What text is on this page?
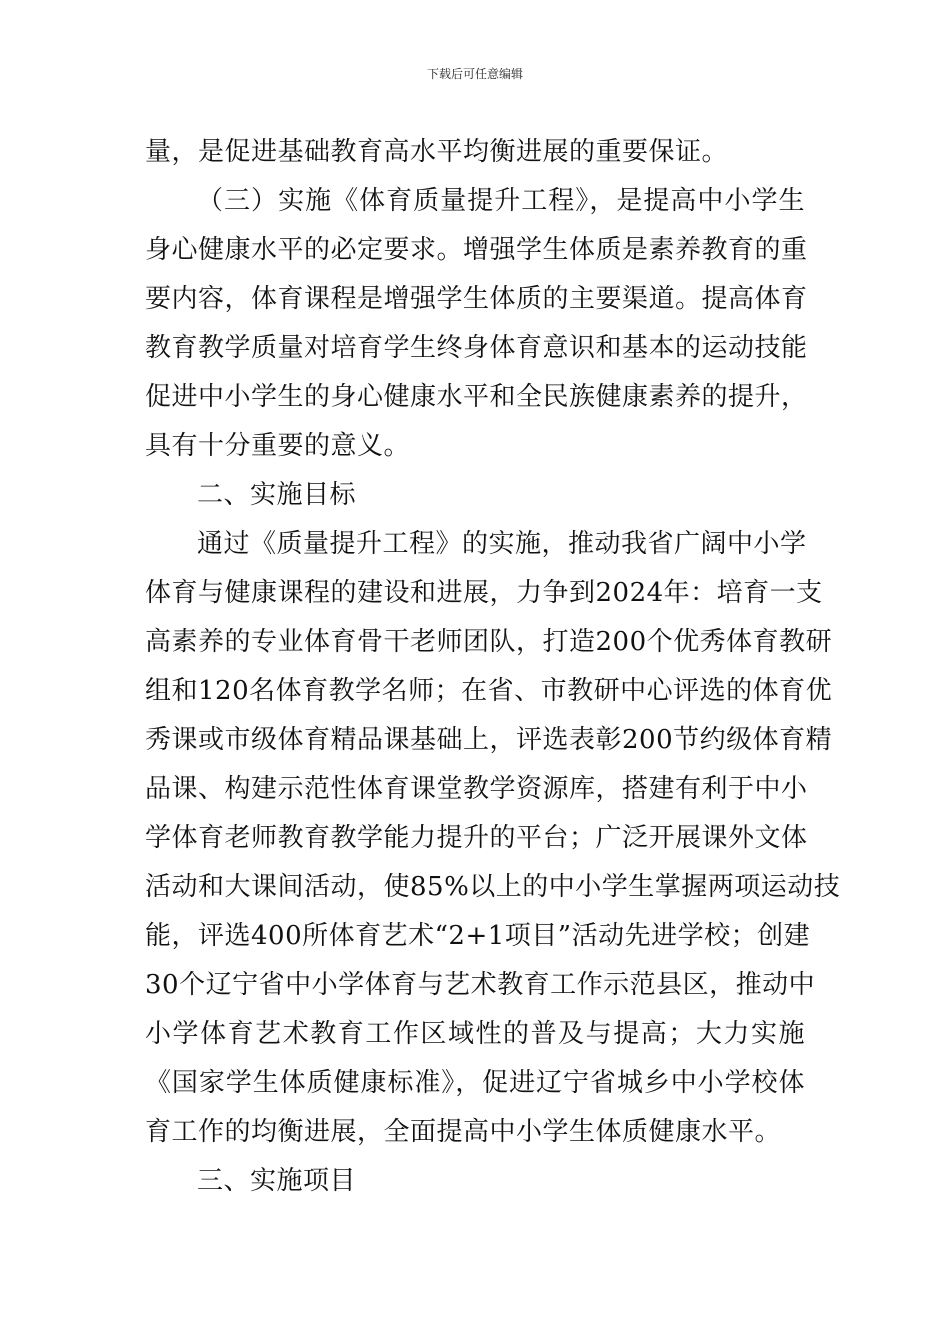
下载后可任意编辑
量，是促进基础教育高水平均衡进展的重要保证。
（三）实施《体育质量提升工程》，是提高中小学生
身心健康水平的必定要求。增强学生体质是素养教育的重
要内容，体育课程是增强学生体质的主要渠道。提高体育
教育教学质量对培育学生终身体育意识和基本的运动技能
促进中小学生的身心健康水平和全民族健康素养的提升，
具有十分重要的意义。
二、实施目标
通过《质量提升工程》的实施，推动我省广阔中小学
体育与健康课程的建设和进展，力争到2024年：培育一支
高素养的专业体育骨干老师团队，打造200个优秀体育教研
组和120名体育教学名师；在省、市教研中心评选的体育优
秀课或市级体育精品课基础上，评选表彰200节约级体育精
品课、构建示范性体育课堂教学资源库，搭建有利于中小
学体育老师教育教学能力提升的平台；广泛开展课外文体
活动和大课间活动，使85%以上的中小学生掌握两项运动技
能，评选400所体育艺术“2+1项目”活动先进学校；创建
30个辽宁省中小学体育与艺术教育工作示范县区，推动中
小学体育艺术教育工作区域性的普及与提高；大力实施
《国家学生体质健康标准》，促进辽宁省城乡中小学校体
育工作的均衡进展，全面提高中小学生体质健康水平。
三、实施项目
